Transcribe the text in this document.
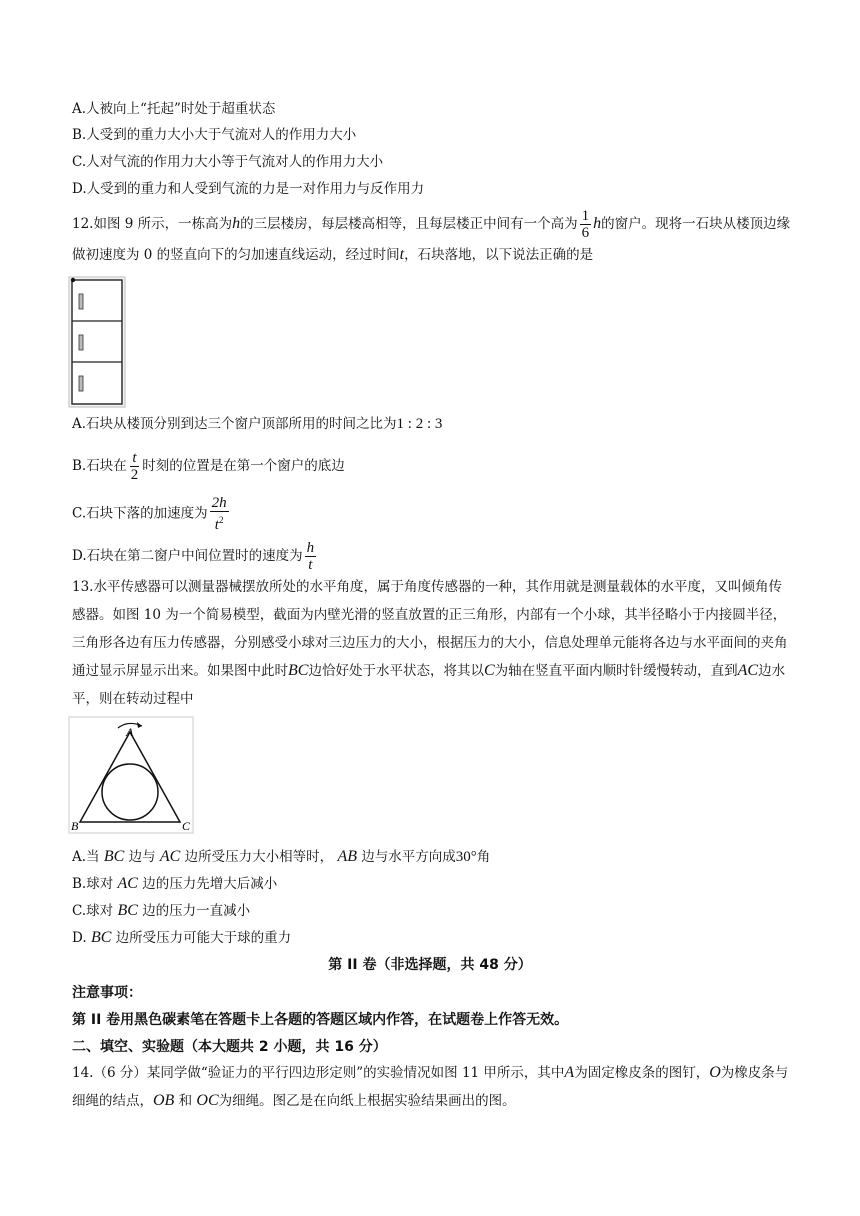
A.人被向上“托起”时处于超重状态
B.人受到的重力大小大于气流对人的作用力大小
C.人对气流的作用力大小等于气流对人的作用力大小
D.人受到的重力和人受到气流的力是一对作用力与反作用力
12.如图 9 所示，一栋高为h的三层楼房，每层楼高相等，且每层楼正中间有一个高为 $\frac{1}{6}$ h的窗户。现将一石块从楼顶边缘做初速度为 0 的竖直向下的匀加速直线运动，经过时间t，石块落地，以下说法正确的是
A.石块从楼顶分别到达三个窗户顶部所用的时间之比为1 : 2 : 3
B.石块在 $\frac{t}{2}$ 时刻的位置是在第一个窗户的底边
C.石块下落的加速度为 $\frac{2h}{t^2}$
D.石块在第二窗户中间位置时的速度为 $\frac{h}{t}$
13.水平传感器可以测量器械摆放所处的水平角度，属于角度传感器的一种，其作用就是测量载体的水平度，又叫倾角传感器。如图 10 为一个简易模型，截面为内壁光滑的竖直放置的正三角形，内部有一个小球，其半径略小于内接圆半径，三角形各边有压力传感器，分别感受小球对三边压力的大小，根据压力的大小，信息处理单元能将各边与水平面间的夹角通过显示屏显示出来。如果图中此时BC边恰好处于水平状态，将其以C为轴在竖直平面内顺时针缓慢转动，直到AC边水平，则在转动过程中
A
B	C
A.当 BC 边与 AC 边所受压力大小相等时， AB 边与水平方向成30°角
B.球对 AC 边的压力先增大后减小
C.球对 BC 边的压力一直减小
D. BC 边所受压力可能大于球的重力
第 II 卷（非选择题，共 48 分）
注意事项：
第 II 卷用黑色碳素笔在答题卡上各题的答题区域内作答，在试题卷上作答无效。
二、填空、实验题（本大题共 2 小题，共 16 分）
14.（6 分）某同学做“验证力的平行四边形定则”的实验情况如图 11 甲所示，其中A为固定橡皮条的图钉，O为橡皮条与细绳的结点，OB 和 OC为细绳。图乙是在向纸上根据实验结果画出的图。
